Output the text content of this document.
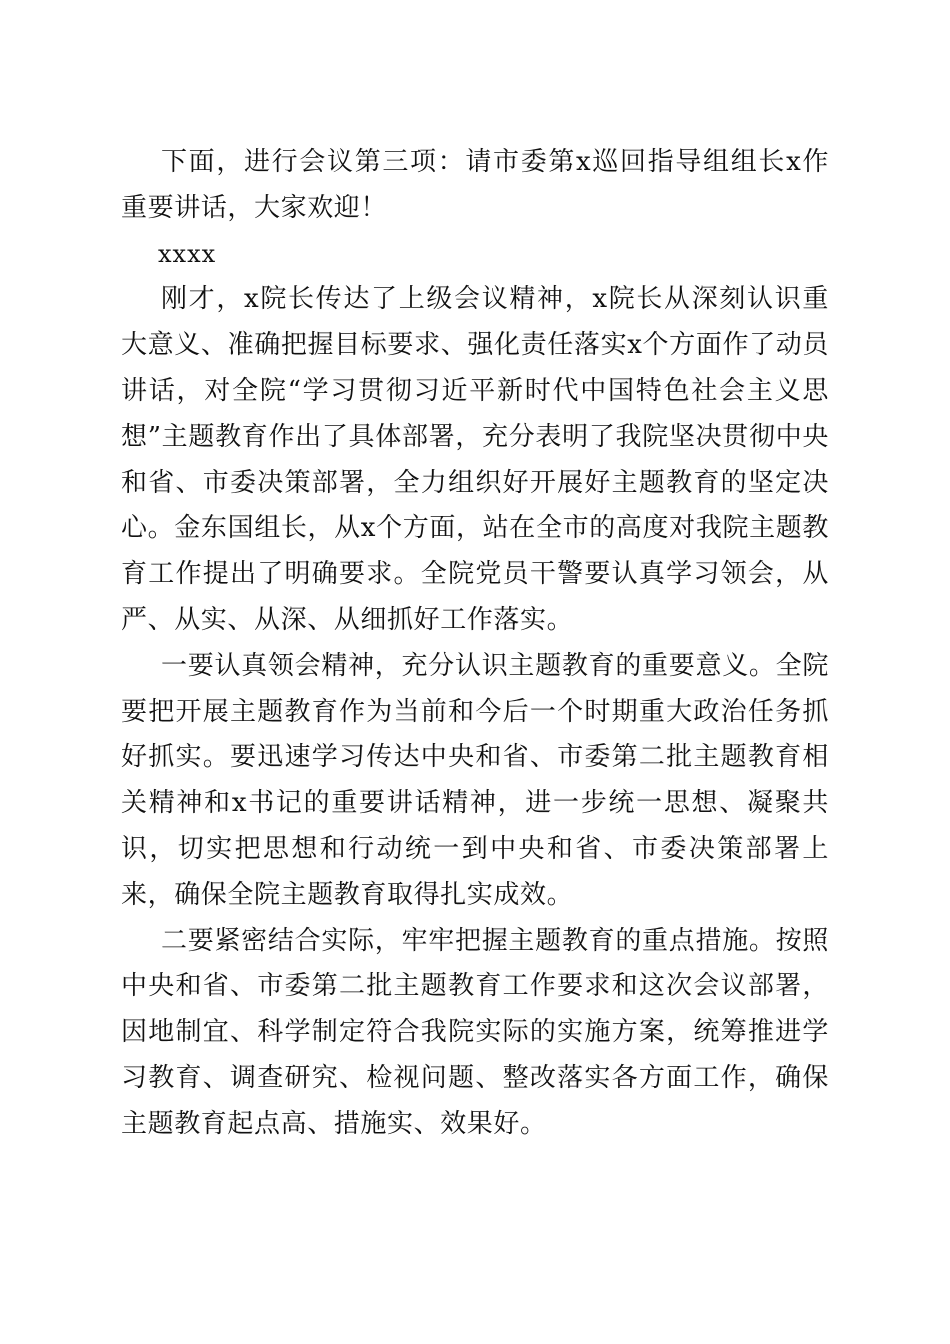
下面，进行会议第三项：请市委第x巡回指导组组长x作重要讲话，大家欢迎！

xxxx

刚才，x院长传达了上级会议精神，x院长从深刻认识重大意义、准确把握目标要求、强化责任落实x个方面作了动员讲话，对全院“学习贯彻习近平新时代中国特色社会主义思想”主题教育作出了具体部署，充分表明了我院坚决贯彻中央和省、市委决策部署，全力组织好开展好主题教育的坚定决心。金东国组长，从x个方面，站在全市的高度对我院主题教育工作提出了明确要求。全院党员干警要认真学习领会，从严、从实、从深、从细抓好工作落实。

一要认真领会精神，充分认识主题教育的重要意义。全院要把开展主题教育作为当前和今后一个时期重大政治任务抓好抓实。要迅速学习传达中央和省、市委第二批主题教育相关精神和x书记的重要讲话精神，进一步统一思想、凝聚共识，切实把思想和行动统一到中央和省、市委决策部署上来，确保全院主题教育取得扎实成效。

二要紧密结合实际，牢牢把握主题教育的重点措施。按照中央和省、市委第二批主题教育工作要求和这次会议部署，因地制宜、科学制定符合我院实际的实施方案，统筹推进学习教育、调查研究、检视问题、整改落实各方面工作，确保主题教育起点高、措施实、效果好。
